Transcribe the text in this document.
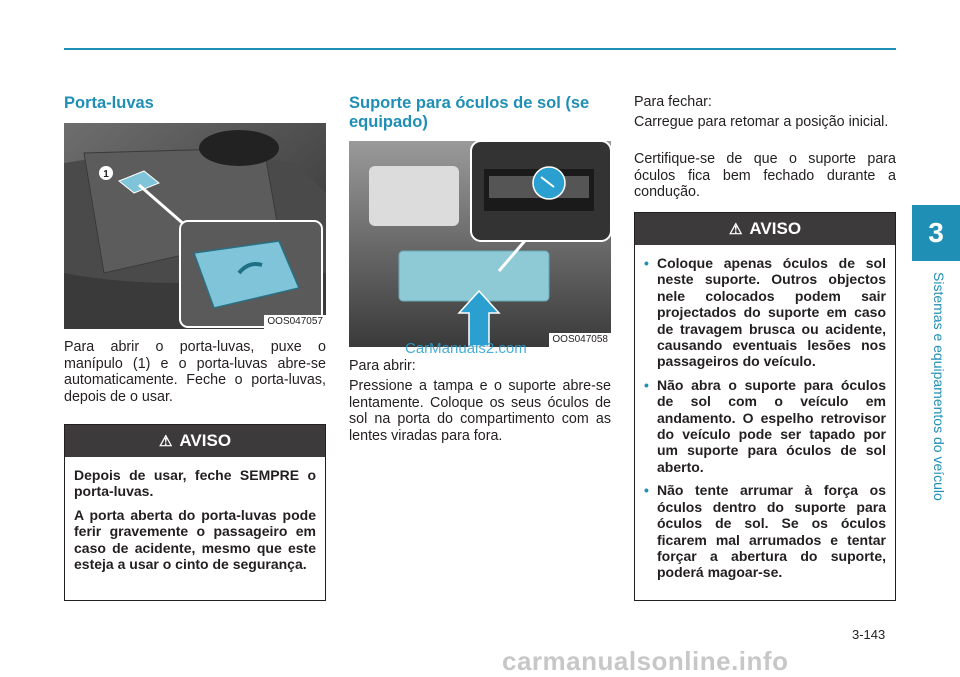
3
Sistemas e equipamentos do veículo
Porta-luvas
1
OOS047057

Para abrir o porta-luvas, puxe o manípulo (1) e o porta-luvas abre-se automaticamente. Feche o porta-luvas, depois de o usar.

⚠ AVISO

Depois de usar, feche SEMPRE o porta-luvas.

A porta aberta do porta-luvas pode ferir gravemente o passageiro em caso de acidente, mesmo que este esteja a usar o cinto de segurança.

Suporte para óculos de sol (se equipado)
OOS047058

Para abrir:

Pressione a tampa e o suporte abre-se lentamente. Coloque os seus óculos de sol na porta do compartimento com as lentes viradas para fora.

Para fechar:

Carregue para retomar a posição inicial.

Certifique-se de que o suporte para óculos fica bem fechado durante a condução.

⚠ AVISO
• Coloque apenas óculos de sol neste suporte. Outros objectos nele colocados podem sair projectados do suporte em caso de travagem brusca ou acidente, causando eventuais lesões nos passageiros do veículo.
• Não abra o suporte para óculos de sol com o veículo em andamento. O espelho retrovisor do veículo pode ser tapado por um suporte para óculos de sol aberto.
• Não tente arrumar à força os óculos dentro do suporte para óculos de sol. Se os óculos ficarem mal arrumados e tentar forçar a abertura do suporte, poderá magoar-se.
3-143
CarManuals2.com
carmanualsonline.info
